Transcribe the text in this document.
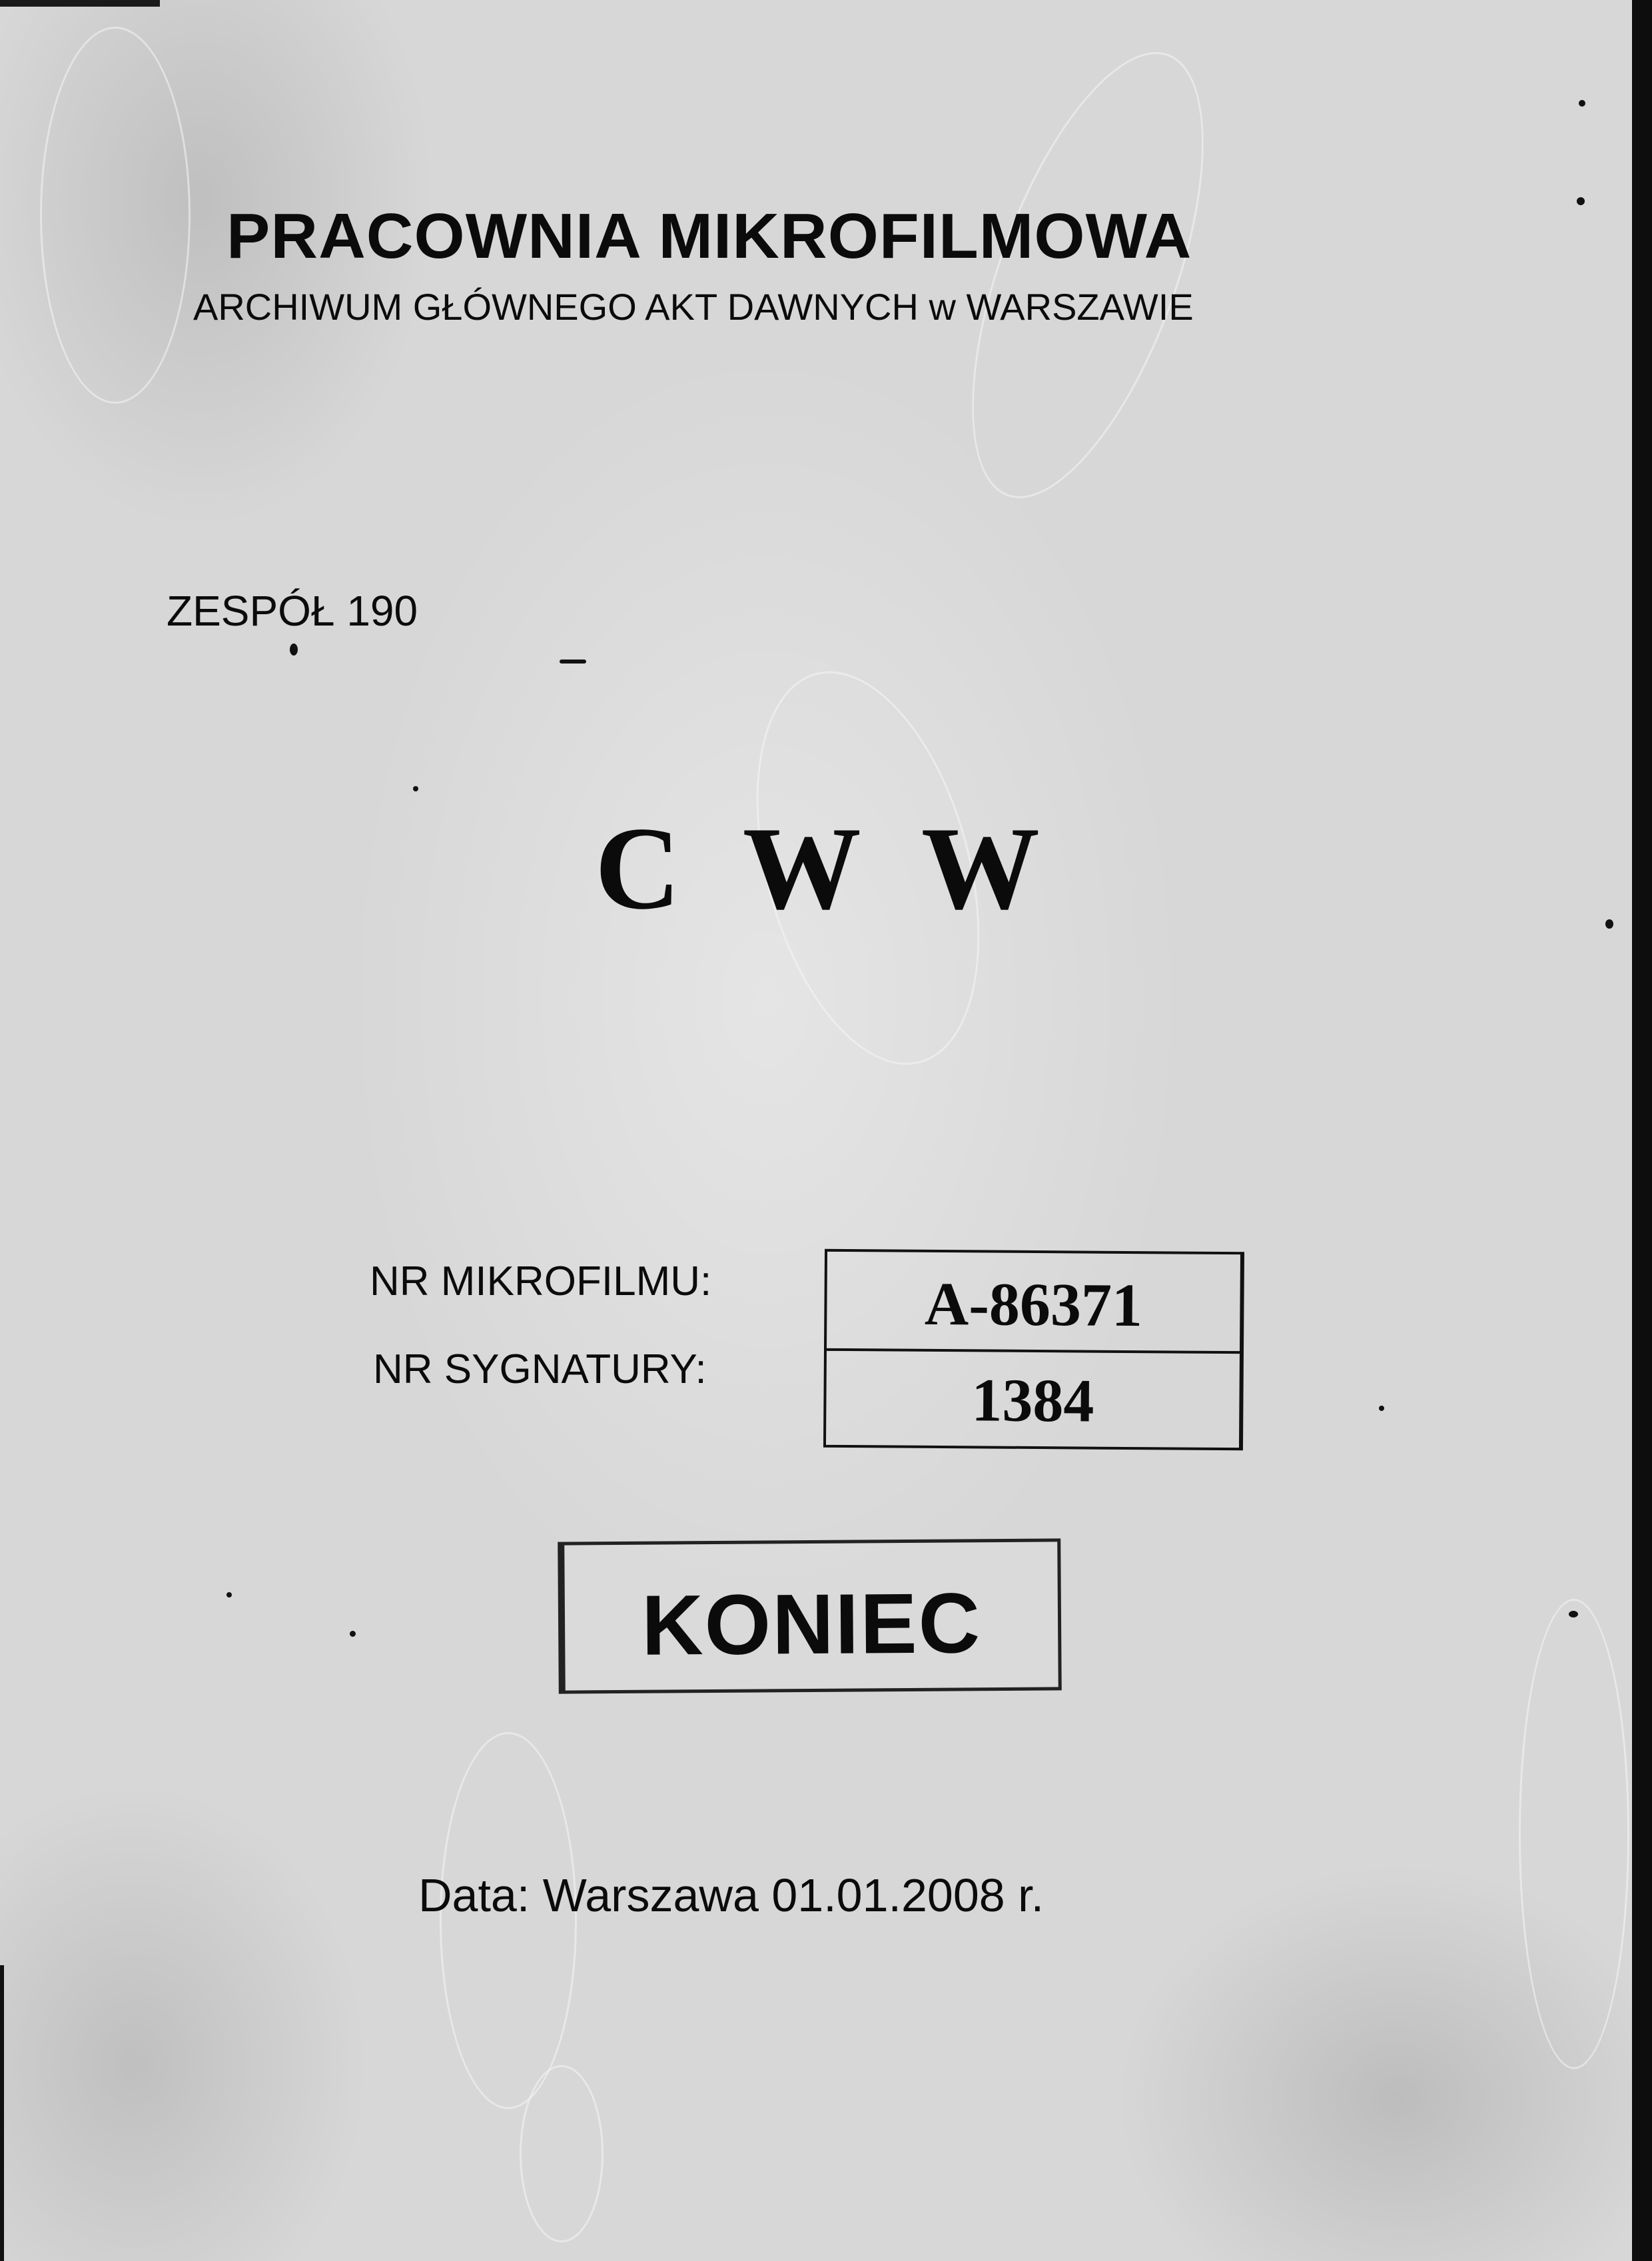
PRACOWNIA MIKROFILMOWA
ARCHIWUM GŁÓWNEGO AKT DAWNYCH w WARSZAWIE
ZESPÓŁ 190
C W W
NR MIKROFILMU:
NR SYGNATURY:
A-86371
1384
KONIEC
Data: Warszawa 01.01.2008 r.
